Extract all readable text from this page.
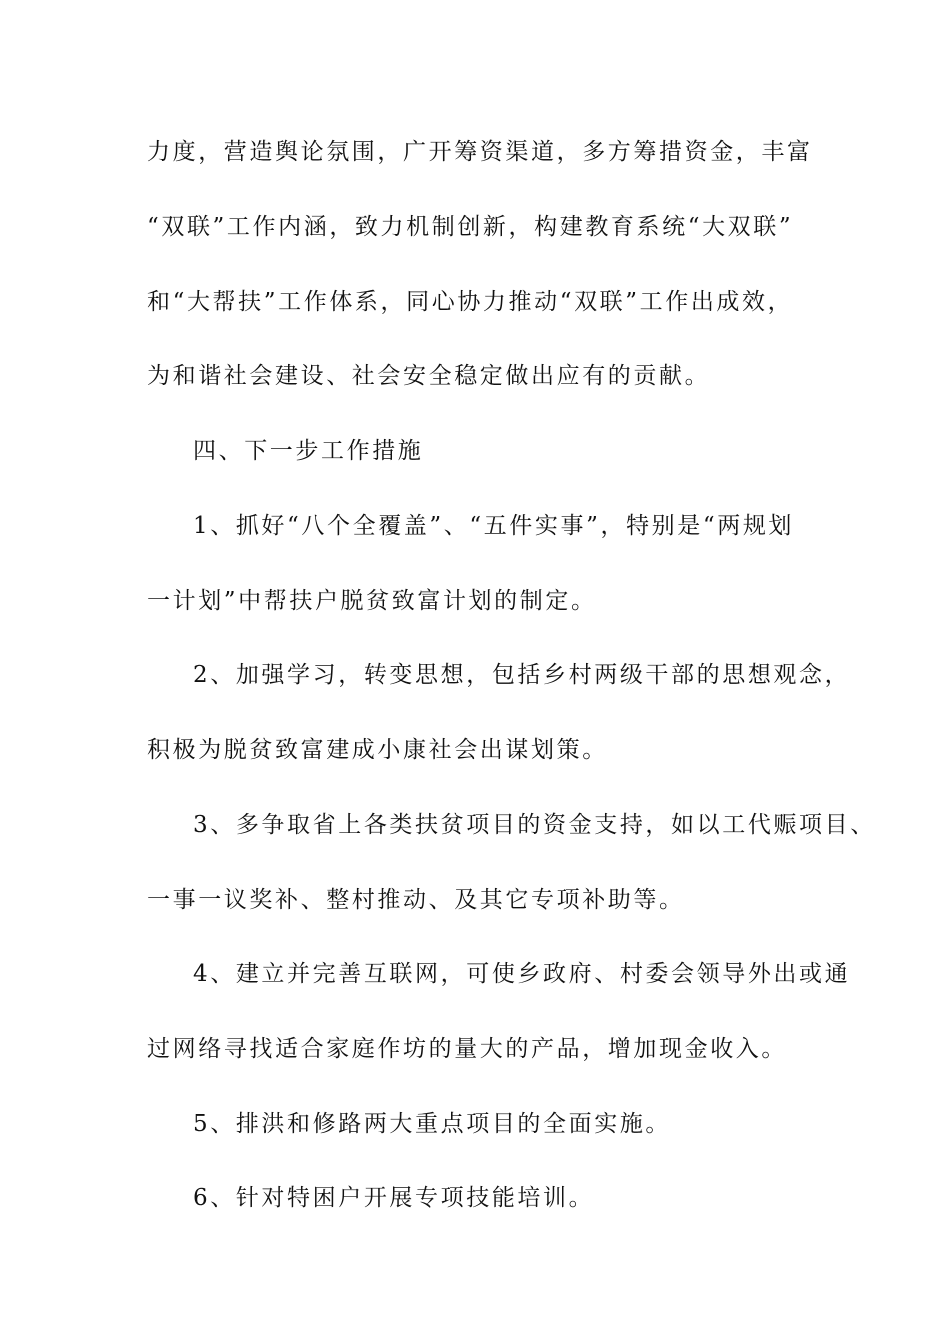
力度，营造舆论氛围，广开筹资渠道，多方筹措资金，丰富

“双联”工作内涵，致力机制创新，构建教育系统“大双联”

和“大帮扶”工作体系，同心协力推动“双联”工作出成效，

为和谐社会建设、社会安全稳定做出应有的贡献。

四、下一步工作措施

1、抓好“八个全覆盖”、“五件实事”，特别是“两规划

一计划”中帮扶户脱贫致富计划的制定。

2、加强学习，转变思想，包括乡村两级干部的思想观念，

积极为脱贫致富建成小康社会出谋划策。

3、多争取省上各类扶贫项目的资金支持，如以工代赈项目、

一事一议奖补、整村推动、及其它专项补助等。

4、建立并完善互联网，可使乡政府、村委会领导外出或通

过网络寻找适合家庭作坊的量大的产品，增加现金收入。

5、排洪和修路两大重点项目的全面实施。

6、针对特困户开展专项技能培训。
